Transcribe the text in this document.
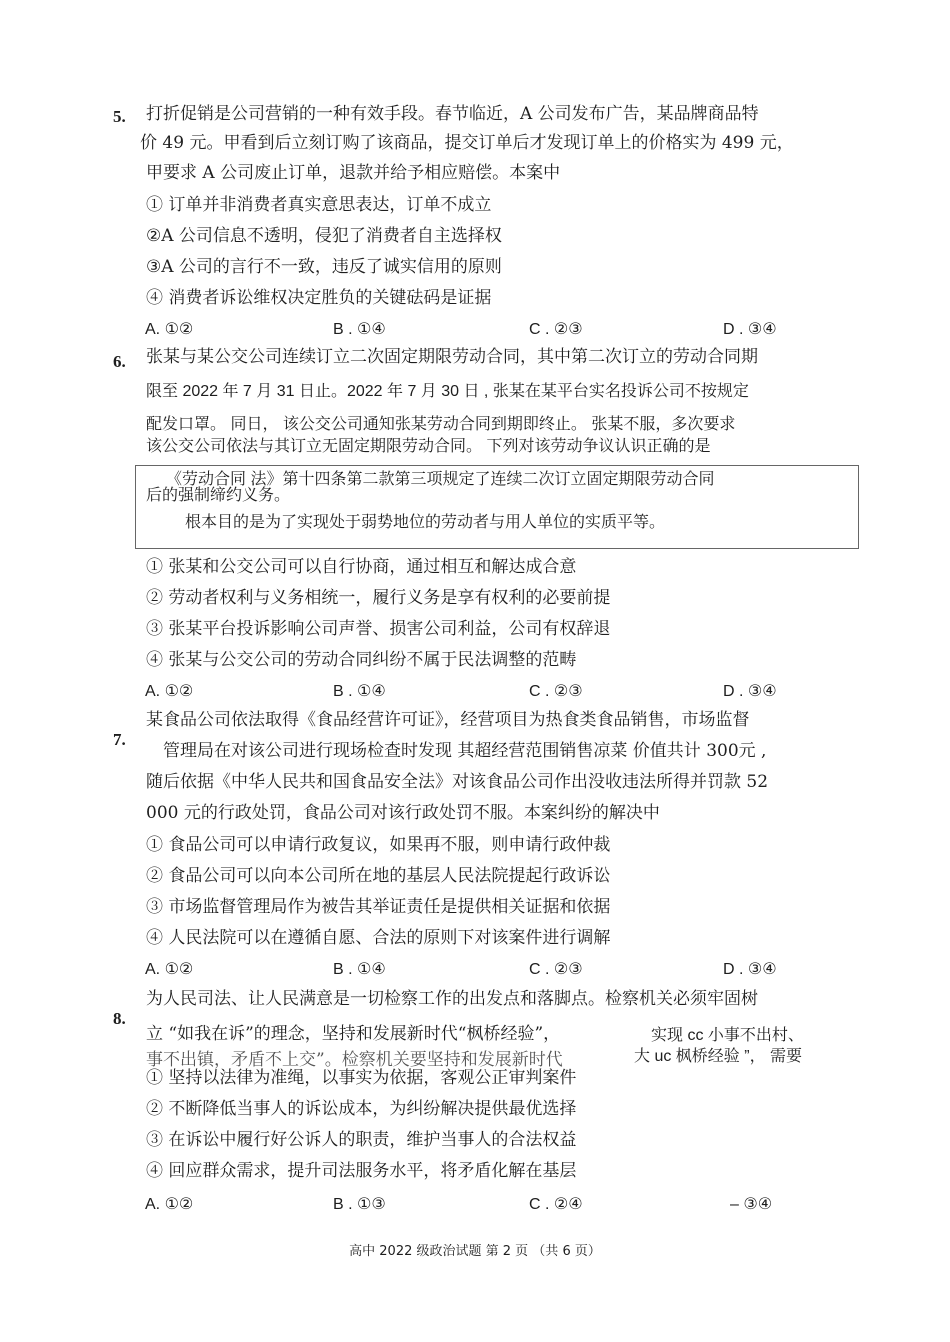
5. 打折促销是公司营销的一种有效手段。春节临近，A 公司发布广告，某品牌商品特
价 49 元。甲看到后立刻订购了该商品，提交订单后才发现订单上的价格实为 499 元，
甲要求 A 公司废止订单，退款并给予相应赔偿。本案中
① 订单并非消费者真实意思表达，订单不成立
②A 公司信息不透明，侵犯了消费者自主选择权
③A 公司的言行不一致，违反了诚实信用的原则
④ 消费者诉讼维权决定胜负的关键砝码是证据
A. ①②	B . ①④	C . ②③	D . ③④
6. 张某与某公交公司连续订立二次固定期限劳动合同，其中第二次订立的劳动合同期
限至 2022 年 7 月 31 日止。2022 年 7 月 30 日 , 张某在某平台实名投诉公司不按规定
配发口罩。 同日， 该公交公司通知张某劳动合同到期即终止。 张某不服，多次要求
该公交公司依法与其订立无固定期限劳动合同。 下列对该劳动争议认识正确的是
《劳动合同 法》第十四条第二款第三项规定了连续二次订立固定期限劳动合同
后的强制缔约义务。
根本目的是为了实现处于弱势地位的劳动者与用人单位的实质平等。
① 张某和公交公司可以自行协商，通过相互和解达成合意
② 劳动者权利与义务相统一，履行义务是享有权利的必要前提
③ 张某平台投诉影响公司声誉、损害公司利益，公司有权辞退
④ 张某与公交公司的劳动合同纠纷不属于民法调整的范畴
A. ①②	B . ①④	C . ②③	D . ③④
7.
某食品公司依法取得《食品经营许可证》，经营项目为热食类食品销售，市场监督
管理局在对该公司进行现场检查时发现 其超经营范围销售凉菜 价值共计 300元 ,
随后依据《中华人民共和国食品安全法》对该食品公司作出没收违法所得并罚款 52
000 元的行政处罚，食品公司对该行政处罚不服。本案纠纷的解决中
① 食品公司可以申请行政复议，如果再不服，则申请行政仲裁
② 食品公司可以向本公司所在地的基层人民法院提起行政诉讼
③ 市场监督管理局作为被告其举证责任是提供相关证据和依据
④ 人民法院可以在遵循自愿、合法的原则下对该案件进行调解
A. ①②	B . ①④	C . ②③	D . ③④
8.
为人民司法、让人民满意是一切检察工作的出发点和落脚点。检察机关必须牢固树
立 “如我在诉”的理念，坚持和发展新时代“枫桥经验”，	实现 cc 小事不出村、
事不出镇，矛盾不上交”。检察机关要坚持和发展新时代	大 uc 枫桥经验 ”， 需要
① 坚持以法律为准绳，以事实为依据，客观公正审判案件
② 不断降低当事人的诉讼成本，为纠纷解决提供最优选择
③ 在诉讼中履行好公诉人的职责，维护当事人的合法权益
④ 回应群众需求，提升司法服务水平，将矛盾化解在基层
A. ①②	B . ①③	C . ②④	– ③④
高中 2022 级政治试题 第 2 页 （共 6 页）
